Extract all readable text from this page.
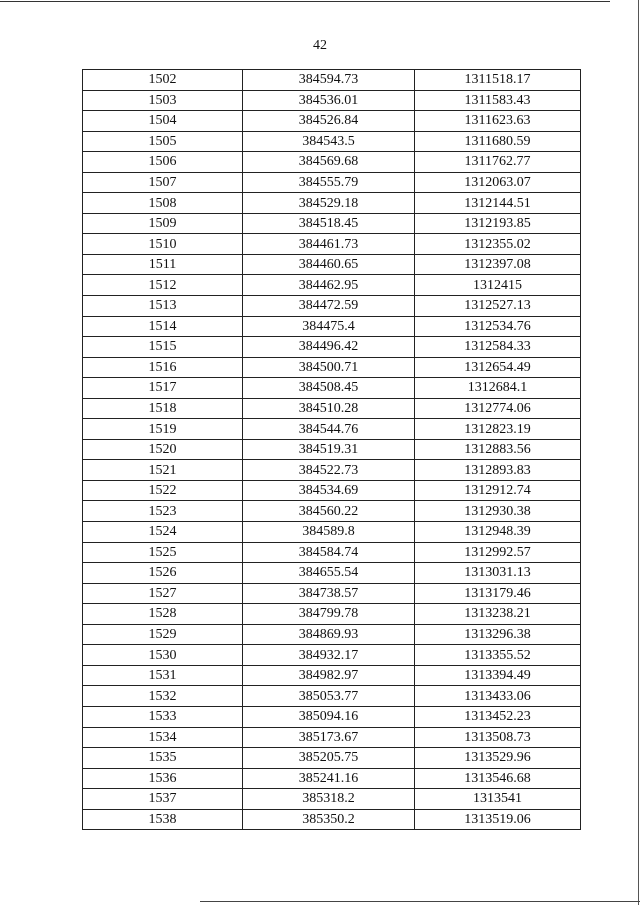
42
1502	384594.73	1311518.17
1503	384536.01	1311583.43
1504	384526.84	1311623.63
1505	384543.5	1311680.59
1506	384569.68	1311762.77
1507	384555.79	1312063.07
1508	384529.18	1312144.51
1509	384518.45	1312193.85
1510	384461.73	1312355.02
1511	384460.65	1312397.08
1512	384462.95	1312415
1513	384472.59	1312527.13
1514	384475.4	1312534.76
1515	384496.42	1312584.33
1516	384500.71	1312654.49
1517	384508.45	1312684.1
1518	384510.28	1312774.06
1519	384544.76	1312823.19
1520	384519.31	1312883.56
1521	384522.73	1312893.83
1522	384534.69	1312912.74
1523	384560.22	1312930.38
1524	384589.8	1312948.39
1525	384584.74	1312992.57
1526	384655.54	1313031.13
1527	384738.57	1313179.46
1528	384799.78	1313238.21
1529	384869.93	1313296.38
1530	384932.17	1313355.52
1531	384982.97	1313394.49
1532	385053.77	1313433.06
1533	385094.16	1313452.23
1534	385173.67	1313508.73
1535	385205.75	1313529.96
1536	385241.16	1313546.68
1537	385318.2	1313541
1538	385350.2	1313519.06
